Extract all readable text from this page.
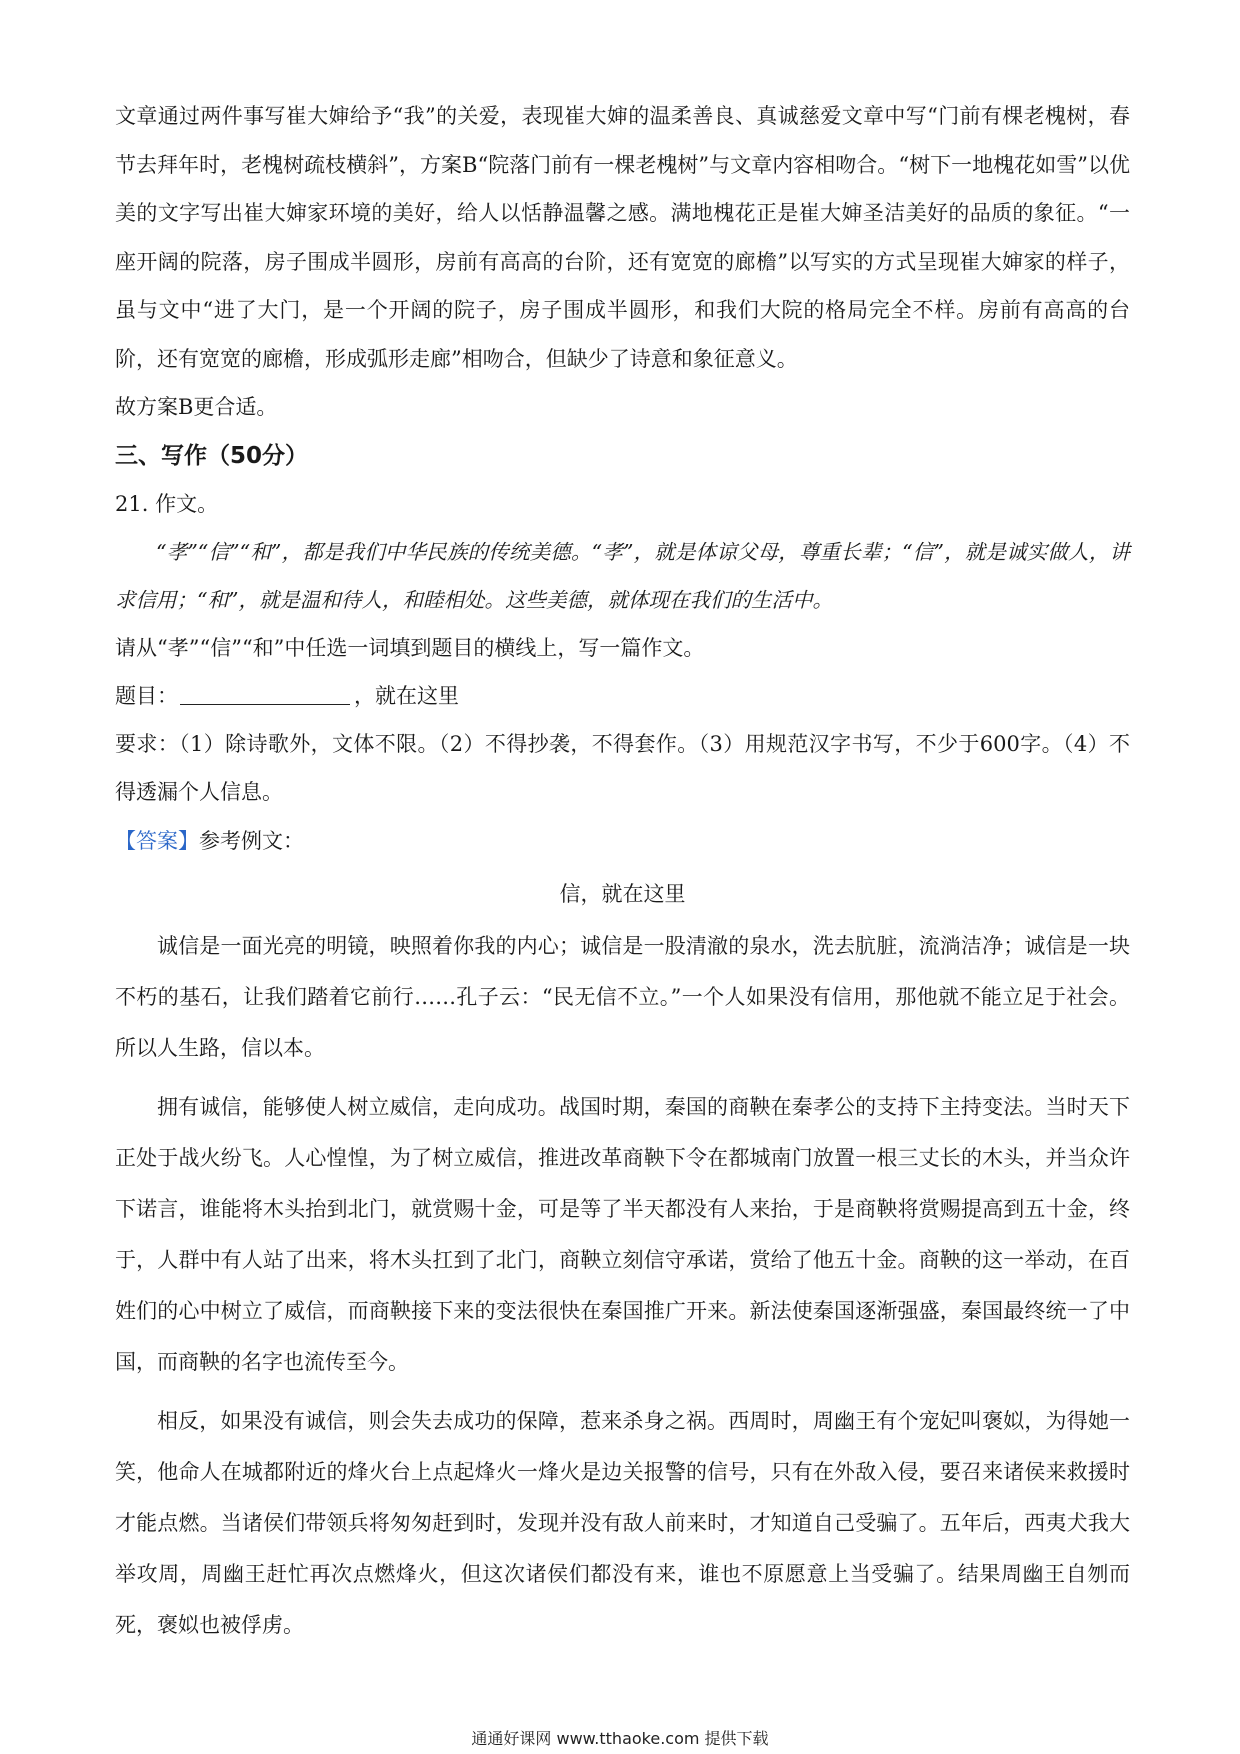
文章通过两件事写崔大婶给予“我”的关爱，表现崔大婶的温柔善良、真诚慈爱文章中写“门前有棵老槐树，春节去拜年时，老槐树疏枝横斜”，方案B“院落门前有一棵老槐树”与文章内容相吻合。“树下一地槐花如雪”以优美的文字写出崔大婶家环境的美好，给人以恬静温馨之感。满地槐花正是崔大婶圣洁美好的品质的象征。“一座开阔的院落，房子围成半圆形，房前有高高的台阶，还有宽宽的廊檐”以写实的方式呈现崔大婶家的样子，虽与文中“进了大门，是一个开阔的院子，房子围成半圆形，和我们大院的格局完全不样。房前有高高的台阶，还有宽宽的廊檐，形成弧形走廊”相吻合，但缺少了诗意和象征意义。

故方案B更合适。

三、写作（50分）

21. 作文。

“孝”“信”“和”，都是我们中华民族的传统美德。“孝”，就是体谅父母，尊重长辈；“信”，就是诚实做人，讲求信用；“和”，就是温和待人，和睦相处。这些美德，就体现在我们的生活中。

请从“孝”“信”“和”中任选一词填到题目的横线上，写一篇作文。

题目：	，就在这里

要求：（1）除诗歌外，文体不限。（2）不得抄袭，不得套作。（3）用规范汉字书写，不少于600字。（4）不得透漏个人信息。

【答案】参考例文：

信，就在这里

诚信是一面光亮的明镜，映照着你我的内心；诚信是一股清澈的泉水，洗去肮脏，流淌洁净；诚信是一块不朽的基石，让我们踏着它前行……孔子云：“民无信不立。”一个人如果没有信用，那他就不能立足于社会。所以人生路，信以本。

拥有诚信，能够使人树立威信，走向成功。战国时期，秦国的商鞅在秦孝公的支持下主持变法。当时天下正处于战火纷飞。人心惶惶，为了树立威信，推进改革商鞅下令在都城南门放置一根三丈长的木头，并当众许下诺言，谁能将木头抬到北门，就赏赐十金，可是等了半天都没有人来抬，于是商鞅将赏赐提高到五十金，终于，人群中有人站了出来，将木头扛到了北门，商鞅立刻信守承诺，赏给了他五十金。商鞅的这一举动，在百姓们的心中树立了威信，而商鞅接下来的变法很快在秦国推广开来。新法使秦国逐渐强盛，秦国最终统一了中国，而商鞅的名字也流传至今。

相反，如果没有诚信，则会失去成功的保障，惹来杀身之祸。西周时，周幽王有个宠妃叫褒姒，为得她一笑，他命人在城都附近的烽火台上点起烽火一烽火是边关报警的信号，只有在外敌入侵，要召来诸侯来救援时才能点燃。当诸侯们带领兵将匆匆赶到时，发现并没有敌人前来时，才知道自己受骗了。五年后，西夷犬我大举攻周，周幽王赶忙再次点燃烽火，但这次诸侯们都没有来，谁也不原愿意上当受骗了。结果周幽王自刎而死，褒姒也被俘虏。

通通好课网 www.tthaoke.com 提供下载
